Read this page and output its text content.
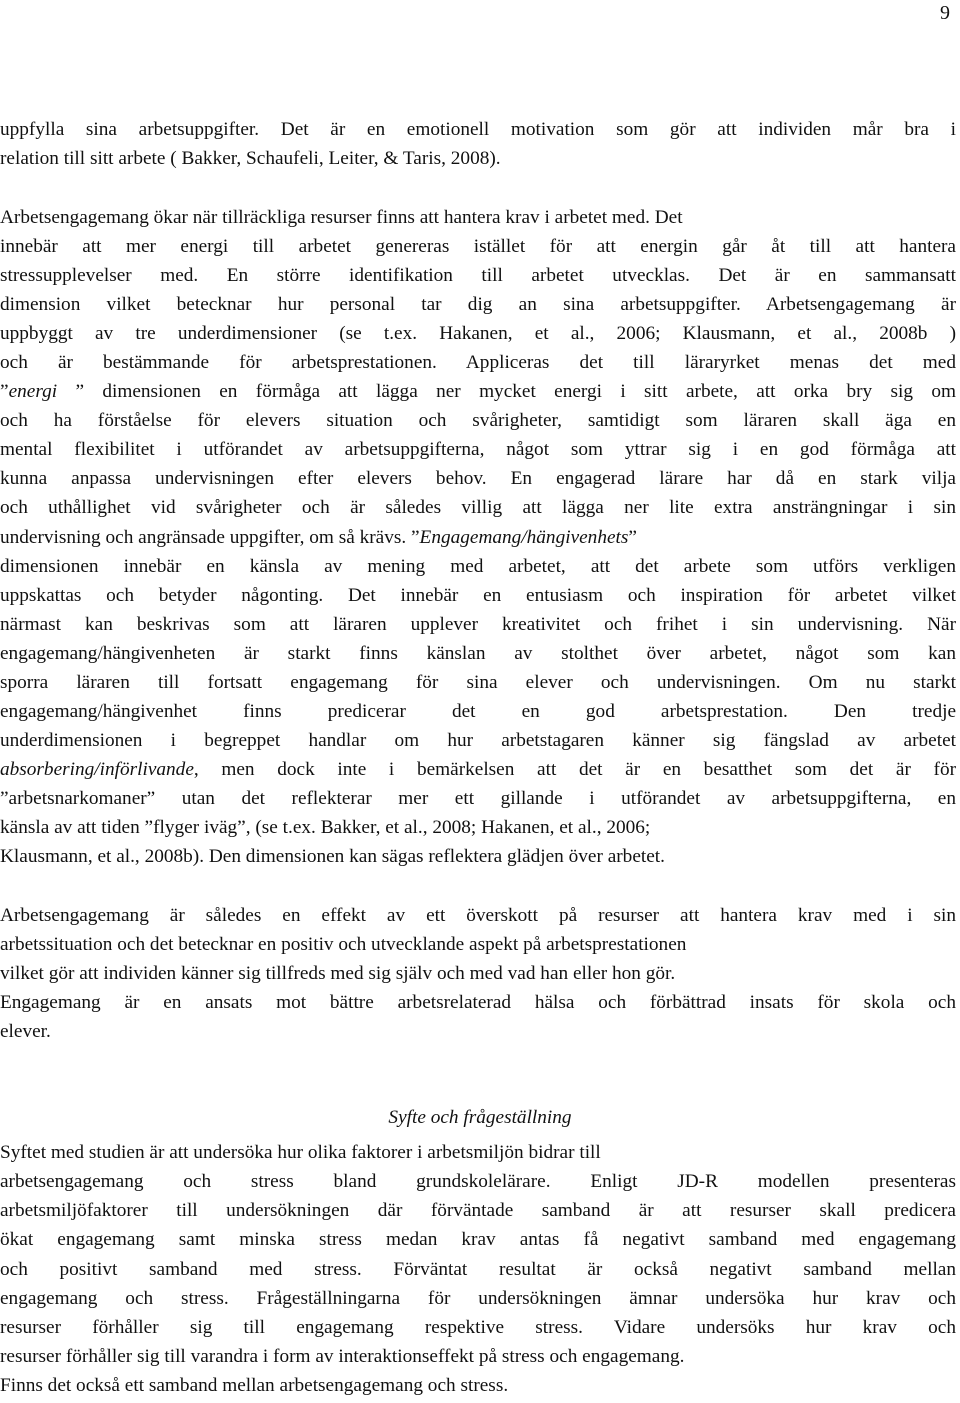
9
uppfylla sina arbetsuppgifter. Det är en emotionell motivation som gör att individen mår bra i
relation till sitt arbete ( Bakker, Schaufeli, Leiter, & Taris, 2008).
Arbetsengagemang ökar när tillräckliga resurser finns att hantera krav i arbetet med. Det
innebär att mer energi till arbetet genereras istället för att energin går åt till att hantera
stressupplevelser med. En större identifikation till arbetet utvecklas. Det är en sammansatt
dimension vilket betecknar hur personal tar dig an sina arbetsuppgifter. Arbetsengagemang är
uppbyggt av tre underdimensioner (se t.ex. Hakanen, et al., 2006; Klausmann, et al., 2008b )
och är bestämmande för arbetsprestationen. Appliceras det till läraryrket menas det med
”energi ” dimensionen en förmåga att lägga ner mycket energi i sitt arbete, att orka bry sig om
och ha förståelse för elevers situation och svårigheter, samtidigt som läraren skall äga en
mental flexibilitet i utförandet av arbetsuppgifterna, något som yttrar sig i en god förmåga att
kunna anpassa undervisningen efter elevers behov. En engagerad lärare har då en stark vilja
och uthållighet vid svårigheter och är således villig att lägga ner lite extra ansträngningar i sin
undervisning och angränsade uppgifter, om så krävs. ”Engagemang/hängivenhets”
dimensionen innebär en känsla av mening med arbetet, att det arbete som utförs verkligen
uppskattas och betyder någonting. Det innebär en entusiasm och inspiration för arbetet vilket
närmast kan beskrivas som att läraren upplever kreativitet och frihet i sin undervisning. När
engagemang/hängivenheten är starkt finns känslan av stolthet över arbetet, något som kan
sporra läraren till fortsatt engagemang för sina elever och undervisningen. Om nu starkt
engagemang/hängivenhet finns predicerar det en god arbetsprestation. Den tredje
underdimensionen i begreppet handlar om hur arbetstagaren känner sig fängslad av arbetet
absorbering/införlivande, men dock inte i bemärkelsen att det är en besatthet som det är för
”arbetsnarkomaner” utan det reflekterar mer ett gillande i utförandet av arbetsuppgifterna, en
känsla av att tiden ”flyger iväg”, (se t.ex. Bakker, et al., 2008; Hakanen, et al., 2006;
Klausmann, et al., 2008b). Den dimensionen kan sägas reflektera glädjen över arbetet.
Arbetsengagemang är således en effekt av ett överskott på resurser att hantera krav med i sin
arbetssituation och det betecknar en positiv och utvecklande aspekt på arbetsprestationen
vilket gör att individen känner sig tillfreds med sig själv och med vad han eller hon gör.
Engagemang är en ansats mot bättre arbetsrelaterad hälsa och förbättrad insats för skola och
elever.
Syfte och frågeställning
Syftet med studien är att undersöka hur olika faktorer i arbetsmiljön bidrar till
arbetsengagemang och stress bland grundskolelärare. Enligt JD-R modellen presenteras
arbetsmiljöfaktorer till undersökningen där förväntade samband är att resurser skall predicera
ökat engagemang samt minska stress medan krav antas få negativt samband med engagemang
och positivt samband med stress. Förväntat resultat är också negativt samband mellan
engagemang och stress. Frågeställningarna för undersökningen ämnar undersöka hur krav och
resurser förhåller sig till engagemang respektive stress. Vidare undersöks hur krav och
resurser förhåller sig till varandra i form av interaktionseffekt på stress och engagemang.
Finns det också ett samband mellan arbetsengagemang och stress.
